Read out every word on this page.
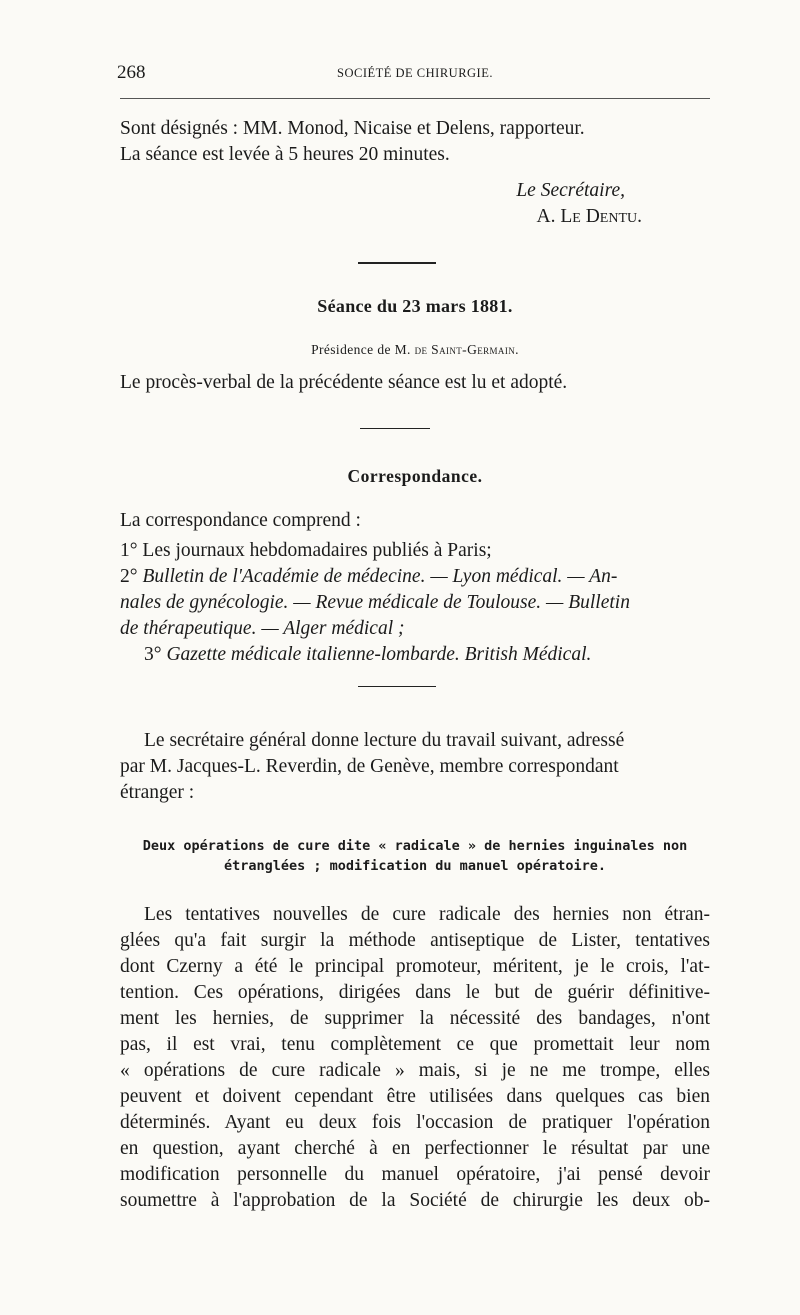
268	SOCIÉTÉ DE CHIRURGIE.
Sont désignés : MM. Monod, Nicaise et Delens, rapporteur.
La séance est levée à 5 heures 20 minutes.
Le Secrétaire,
A. Le Dentu.
Séance du 23 mars 1881.
Présidence de M. de Saint-Germain.
Le procès-verbal de la précédente séance est lu et adopté.
Correspondance.
La correspondance comprend :
1° Les journaux hebdomadaires publiés à Paris;
2° Bulletin de l'Académie de médecine. — Lyon médical. — An-
nales de gynécologie. — Revue médicale de Toulouse. — Bulletin
de thérapeutique. — Alger médical ;
3° Gazette médicale italienne-lombarde. British Médical.
Le secrétaire général donne lecture du travail suivant, adressé
par M. Jacques-L. Reverdin, de Genève, membre correspondant
étranger :
Deux opérations de cure dite « radicale » de hernies inguinales non
étranglées ; modification du manuel opératoire.
Les tentatives nouvelles de cure radicale des hernies non étran-
glées qu'a fait surgir la méthode antiseptique de Lister, tentatives
dont Czerny a été le principal promoteur, méritent, je le crois, l'at-
tention. Ces opérations, dirigées dans le but de guérir définitive-
ment les hernies, de supprimer la nécessité des bandages, n'ont
pas, il est vrai, tenu complètement ce que promettait leur nom
« opérations de cure radicale » mais, si je ne me trompe, elles
peuvent et doivent cependant être utilisées dans quelques cas bien
déterminés. Ayant eu deux fois l'occasion de pratiquer l'opération
en question, ayant cherché à en perfectionner le résultat par une
modification personnelle du manuel opératoire, j'ai pensé devoir
soumettre à l'approbation de la Société de chirurgie les deux ob-
